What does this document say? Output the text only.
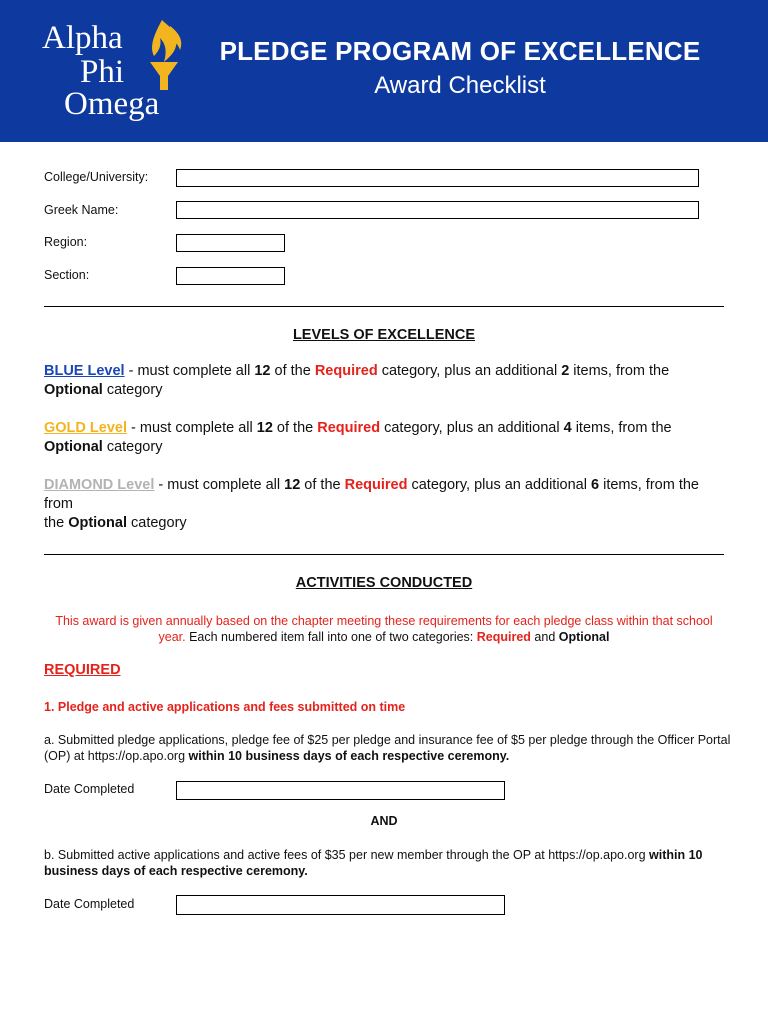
Alpha
Phi
Omega
PLEDGE PROGRAM OF EXCELLENCE
Award Checklist
College/University:
Greek Name:
Region:
Section:
LEVELS OF EXCELLENCE
BLUE Level - must complete all 12 of the Required category, plus an additional 2 items, from the
Optional category
GOLD Level - must complete all 12 of the Required category, plus an additional 4 items, from the
Optional category
DIAMOND Level - must complete all 12 of the Required category, plus an additional 6 items, from the from
the Optional category
ACTIVITIES CONDUCTED
This award is given annually based on the chapter meeting these requirements for each pledge class within that school year. Each numbered item fall into one of two categories: Required and Optional
REQUIRED
1. Pledge and active applications and fees submitted on time
a. Submitted pledge applications, pledge fee of $25 per pledge and insurance fee of $5 per pledge through the Officer Portal (OP) at https://op.apo.org within 10 business days of each respective ceremony.
Date Completed
AND
b. Submitted active applications and active fees of $35 per new member through the OP at https://op.apo.org within 10 business days of each respective ceremony.
Date Completed
